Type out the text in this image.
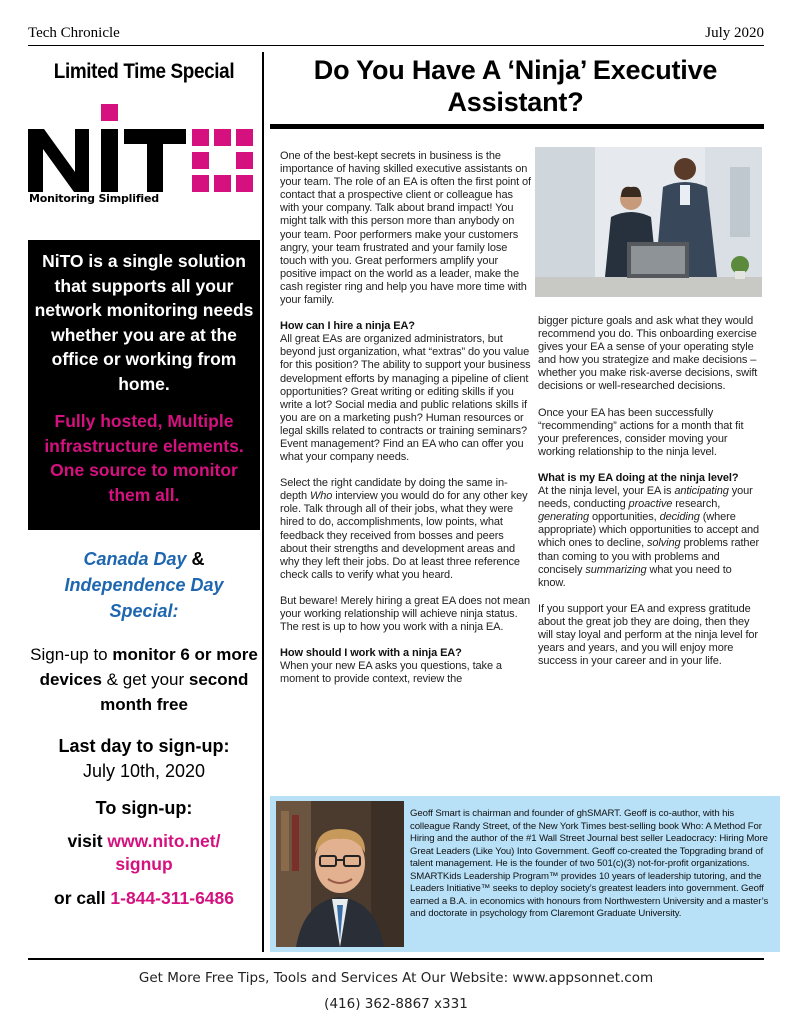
Tech Chronicle	July 2020
Limited Time Special
Monitoring Simplified
NiTO is a single solution that supports all your network monitoring needs whether you are at the office or working from home.
Fully hosted, Multiple infrastructure elements. One source to monitor them all.
Canada Day &
Independence Day
Special:
Sign-up to monitor 6 or more devices & get your second month free
Last day to sign-up:
July 10th, 2020
To sign-up:
visit www.nito.net/
signup
or call 1-844-311-6486
Do You Have A ‘Ninja’ Executive Assistant?

One of the best-kept secrets in business is the importance of having skilled executive assistants on your team. The role of an EA is often the first point of contact that a prospective client or colleague has with your company. Talk about brand impact! You might talk with this person more than anybody on your team. Poor performers make your customers angry, your team frustrated and your family lose touch with you. Great performers amplify your positive impact on the world as a leader, make the cash register ring and help you have more time with your family.

How can I hire a ninja EA?

All great EAs are organized administrators, but beyond just organization, what “extras” do you value for this position? The ability to support your business development efforts by managing a pipeline of client opportunities? Great writing or editing skills if you write a lot? Social media and public relations skills if you are on a marketing push? Human resources or legal skills related to contracts or training seminars? Event management? Find an EA who can offer you what your company needs.

Select the right candidate by doing the same in-depth Who interview you would do for any other key role. Talk through all of their jobs, what they were hired to do, accomplishments, low points, what feedback they received from bosses and peers about their strengths and development areas and why they left their jobs. Do at least three reference check calls to verify what you heard.

But beware! Merely hiring a great EA does not mean your working relationship will achieve ninja status. The rest is up to how you work with a ninja EA.

How should I work with a ninja EA?

When your new EA asks you questions, take a moment to provide context, review the

bigger picture goals and ask what they would recommend you do. This onboarding exercise gives your EA a sense of your operating style and how you strategize and make decisions – whether you make risk-averse decisions, swift decisions or well-researched decisions.

Once your EA has been successfully “recommending” actions for a month that fit your preferences, consider moving your working relationship to the ninja level.

What is my EA doing at the ninja level?

At the ninja level, your EA is anticipating your needs, conducting proactive research, generating opportunities, deciding (where appropriate) which opportunities to accept and which ones to decline, solving problems rather than coming to you with problems and concisely summarizing what you need to know.

If you support your EA and express gratitude about the great job they are doing, then they will stay loyal and perform at the ninja level for years and years, and you will enjoy more success in your career and in your life.

Geoff Smart is chairman and founder of ghSMART. Geoff is co-author, with his colleague Randy Street, of the New York Times best-selling book Who: A Method For Hiring and the author of the #1 Wall Street Journal best seller Leadocracy: Hiring More Great Leaders (Like You) Into Government. Geoff co-created the Topgrading brand of talent management. He is the founder of two 501(c)(3) not-for-profit organizations. SMARTKids Leadership Program™ provides 10 years of leadership tutoring, and the Leaders Initiative™ seeks to deploy society’s greatest leaders into government. Geoff earned a B.A. in economics with honours from Northwestern University and a master’s and doctorate in psychology from Claremont Graduate University.
Get More Free Tips, Tools and Services At Our Website: www.appsonnet.com
(416) 362-8867 x331
